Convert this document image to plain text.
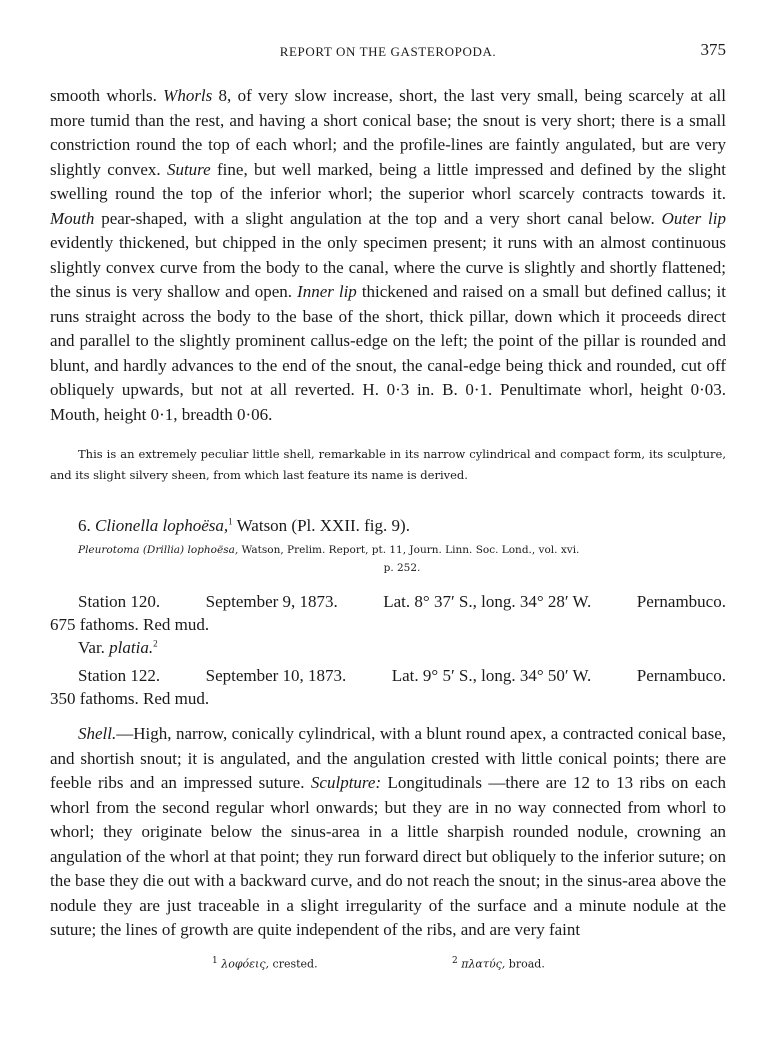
REPORT ON THE GASTEROPODA.	375
smooth whorls. Whorls 8, of very slow increase, short, the last very small, being scarcely at all more tumid than the rest, and having a short conical base; the snout is very short; there is a small constriction round the top of each whorl; and the profile-lines are faintly angulated, but are very slightly convex. Suture fine, but well marked, being a little impressed and defined by the slight swelling round the top of the inferior whorl; the superior whorl scarcely contracts towards it. Mouth pear-shaped, with a slight angulation at the top and a very short canal below. Outer lip evidently thickened, but chipped in the only specimen present; it runs with an almost continuous slightly convex curve from the body to the canal, where the curve is slightly and shortly flattened; the sinus is very shallow and open. Inner lip thickened and raised on a small but defined callus; it runs straight across the body to the base of the short, thick pillar, down which it proceeds direct and parallel to the slightly prominent callus-edge on the left; the point of the pillar is rounded and blunt, and hardly advances to the end of the snout, the canal-edge being thick and rounded, cut off obliquely upwards, but not at all reverted. H. 0·3 in. B. 0·1. Penultimate whorl, height 0·03. Mouth, height 0·1, breadth 0·06.
This is an extremely peculiar little shell, remarkable in its narrow cylindrical and compact form, its sculpture, and its slight silvery sheen, from which last feature its name is derived.
6. Clionella lophoësa,$^1$ Watson (Pl. XXII. fig. 9).
Pleurotoma (Drillia) lophoësa, Watson, Prelim. Report, pt. 11, Journ. Linn. Soc. Lond., vol. xvi.
p. 252.
Station 120.	September 9, 1873.	Lat. 8° 37′ S., long. 34° 28′ W.	Pernambuco.
675 fathoms. Red mud.
Var. platia.$^2$
Station 122.	September 10, 1873.	Lat. 9° 5′ S., long. 34° 50′ W.	Pernambuco.
350 fathoms. Red mud.
Shell.—High, narrow, conically cylindrical, with a blunt round apex, a contracted conical base, and shortish snout; it is angulated, and the angulation crested with little conical points; there are feeble ribs and an impressed suture. Sculpture: Longitudinals —there are 12 to 13 ribs on each whorl from the second regular whorl onwards; but they are in no way connected from whorl to whorl; they originate below the sinus-area in a little sharpish rounded nodule, crowning an angulation of the whorl at that point; they run forward direct but obliquely to the inferior suture; on the base they die out with a backward curve, and do not reach the snout; in the sinus-area above the nodule they are just traceable in a slight irregularity of the surface and a minute nodule at the suture; the lines of growth are quite independent of the ribs, and are very faint
$^1$ λοφόεις, crested.	$^2$ πλατύς, broad.
